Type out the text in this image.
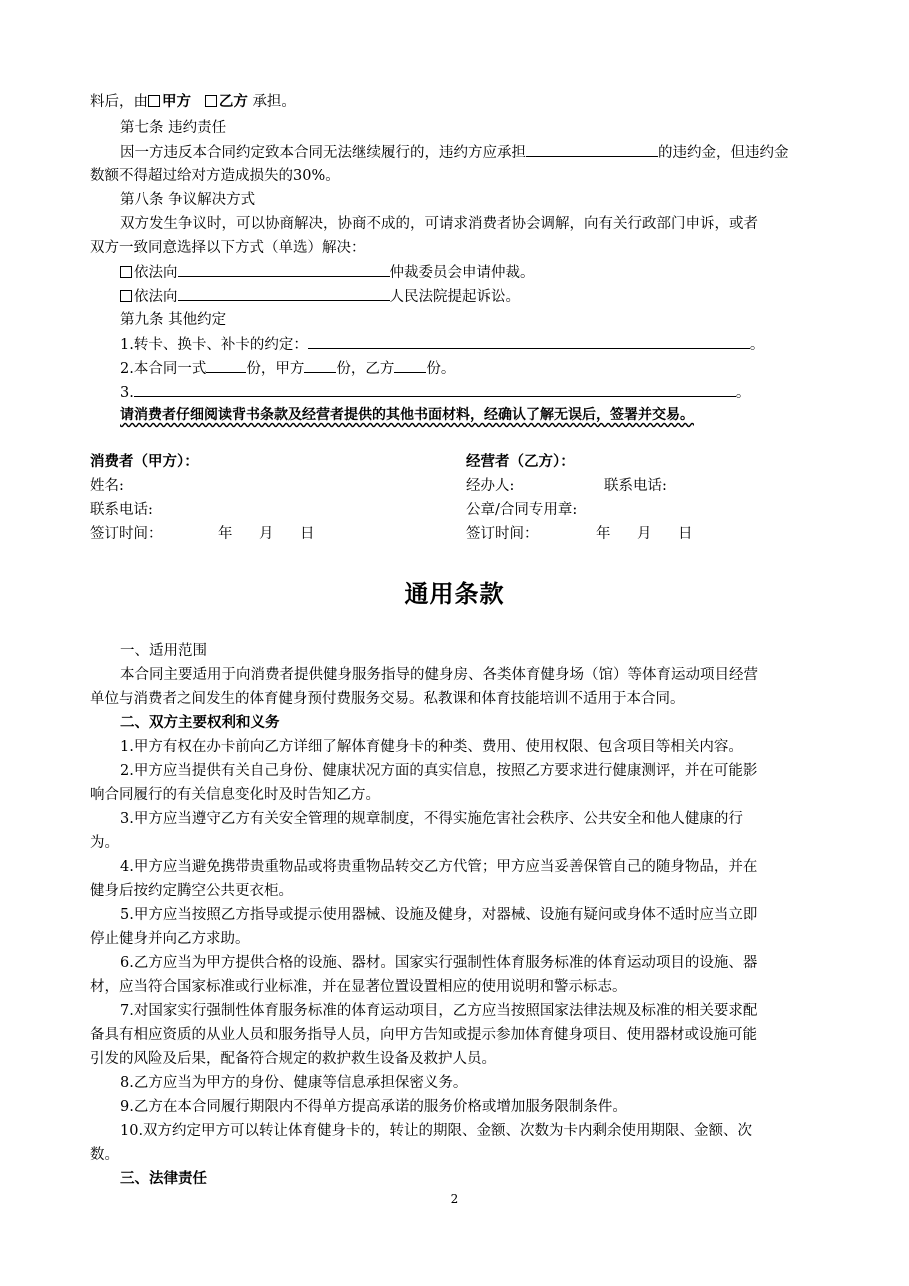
料后，由 甲方 乙方 承担。
第七条 违约责任
因一方违反本合同约定致本合同无法继续履行的，违约方应承担	的违约金，但违约金
数额不得超过给对方造成损失的30%。
第八条 争议解决方式
双方发生争议时，可以协商解决，协商不成的，可请求消费者协会调解，向有关行政部门申诉，或者
双方一致同意选择以下方式（单选）解决：
依法向	仲裁委员会申请仲裁。
依法向	人民法院提起诉讼。
第九条 其他约定
1.转卡、换卡、补卡的约定：	。
2.本合同一式	份，甲方 份，乙方 份。
3.	。
请消费者仔细阅读背书条款及经营者提供的其他书面材料，经确认了解无误后，签署并交易。
消费者（甲方）：
姓名:
联系电话:
签订时间：	年 月 日
经营者（乙方）：
经办人:	联系电话:
公章/合同专用章:
签订时间：	年 月 日
通用条款
一、适用范围
本合同主要适用于向消费者提供健身服务指导的健身房、各类体育健身场（馆）等体育运动项目经营
单位与消费者之间发生的体育健身预付费服务交易。私教课和体育技能培训不适用于本合同。
二、双方主要权利和义务
1.甲方有权在办卡前向乙方详细了解体育健身卡的种类、费用、使用权限、包含项目等相关内容。
2.甲方应当提供有关自己身份、健康状况方面的真实信息，按照乙方要求进行健康测评，并在可能影
响合同履行的有关信息变化时及时告知乙方。
3.甲方应当遵守乙方有关安全管理的规章制度，不得实施危害社会秩序、公共安全和他人健康的行
为。
4.甲方应当避免携带贵重物品或将贵重物品转交乙方代管；甲方应当妥善保管自己的随身物品，并在
健身后按约定腾空公共更衣柜。
5.甲方应当按照乙方指导或提示使用器械、设施及健身，对器械、设施有疑问或身体不适时应当立即
停止健身并向乙方求助。
6.乙方应当为甲方提供合格的设施、器材。国家实行强制性体育服务标准的体育运动项目的设施、器
材，应当符合国家标准或行业标准，并在显著位置设置相应的使用说明和警示标志。
7.对国家实行强制性体育服务标准的体育运动项目，乙方应当按照国家法律法规及标准的相关要求配
备具有相应资质的从业人员和服务指导人员，向甲方告知或提示参加体育健身项目、使用器材或设施可能
引发的风险及后果，配备符合规定的救护救生设备及救护人员。
8.乙方应当为甲方的身份、健康等信息承担保密义务。
9.乙方在本合同履行期限内不得单方提高承诺的服务价格或增加服务限制条件。
10.双方约定甲方可以转让体育健身卡的，转让的期限、金额、次数为卡内剩余使用期限、金额、次
数。
三、法律责任
2
